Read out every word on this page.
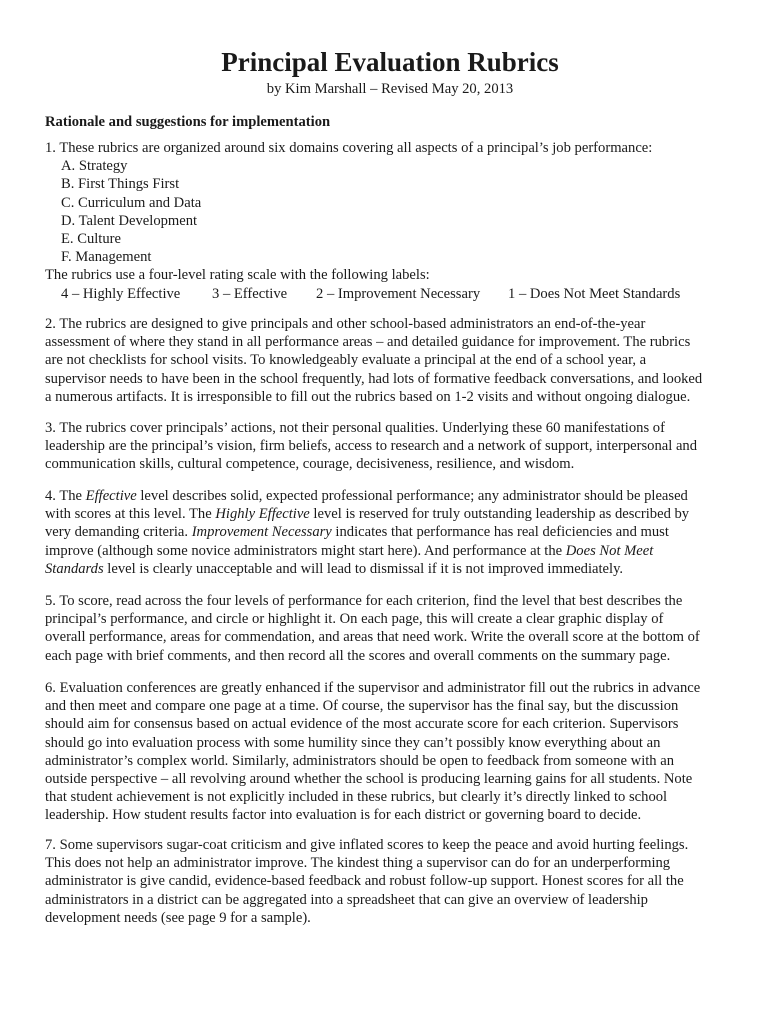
Principal Evaluation Rubrics
by Kim Marshall – Revised May 20, 2013
Rationale and suggestions for implementation
1. These rubrics are organized around six domains covering all aspects of a principal’s job performance:
A. Strategy
B. First Things First
C. Curriculum and Data
D. Talent Development
E. Culture
F. Management
The rubrics use a four-level rating scale with the following labels:
4 – Highly Effective	3 – Effective	2 – Improvement Necessary	1 – Does Not Meet Standards
2. The rubrics are designed to give principals and other school-based administrators an end-of-the-year
assessment of where they stand in all performance areas – and detailed guidance for improvement. The rubrics
are not checklists for school visits. To knowledgeably evaluate a principal at the end of a school year, a
supervisor needs to have been in the school frequently, had lots of formative feedback conversations, and looked
a numerous artifacts. It is irresponsible to fill out the rubrics based on 1-2 visits and without ongoing dialogue.
3. The rubrics cover principals’ actions, not their personal qualities. Underlying these 60 manifestations of
leadership are the principal’s vision, firm beliefs, access to research and a network of support, interpersonal and
communication skills, cultural competence, courage, decisiveness, resilience, and wisdom.
4. The Effective level describes solid, expected professional performance; any administrator should be pleased
with scores at this level. The Highly Effective level is reserved for truly outstanding leadership as described by
very demanding criteria. Improvement Necessary indicates that performance has real deficiencies and must
improve (although some novice administrators might start here). And performance at the Does Not Meet
Standards level is clearly unacceptable and will lead to dismissal if it is not improved immediately.
5. To score, read across the four levels of performance for each criterion, find the level that best describes the
principal’s performance, and circle or highlight it. On each page, this will create a clear graphic display of
overall performance, areas for commendation, and areas that need work. Write the overall score at the bottom of
each page with brief comments, and then record all the scores and overall comments on the summary page.
6. Evaluation conferences are greatly enhanced if the supervisor and administrator fill out the rubrics in advance
and then meet and compare one page at a time. Of course, the supervisor has the final say, but the discussion
should aim for consensus based on actual evidence of the most accurate score for each criterion. Supervisors
should go into evaluation process with some humility since they can’t possibly know everything about an
administrator’s complex world. Similarly, administrators should be open to feedback from someone with an
outside perspective – all revolving around whether the school is producing learning gains for all students. Note
that student achievement is not explicitly included in these rubrics, but clearly it’s directly linked to school
leadership. How student results factor into evaluation is for each district or governing board to decide.
7. Some supervisors sugar-coat criticism and give inflated scores to keep the peace and avoid hurting feelings.
This does not help an administrator improve. The kindest thing a supervisor can do for an underperforming
administrator is give candid, evidence-based feedback and robust follow-up support. Honest scores for all the
administrators in a district can be aggregated into a spreadsheet that can give an overview of leadership
development needs (see page 9 for a sample).
